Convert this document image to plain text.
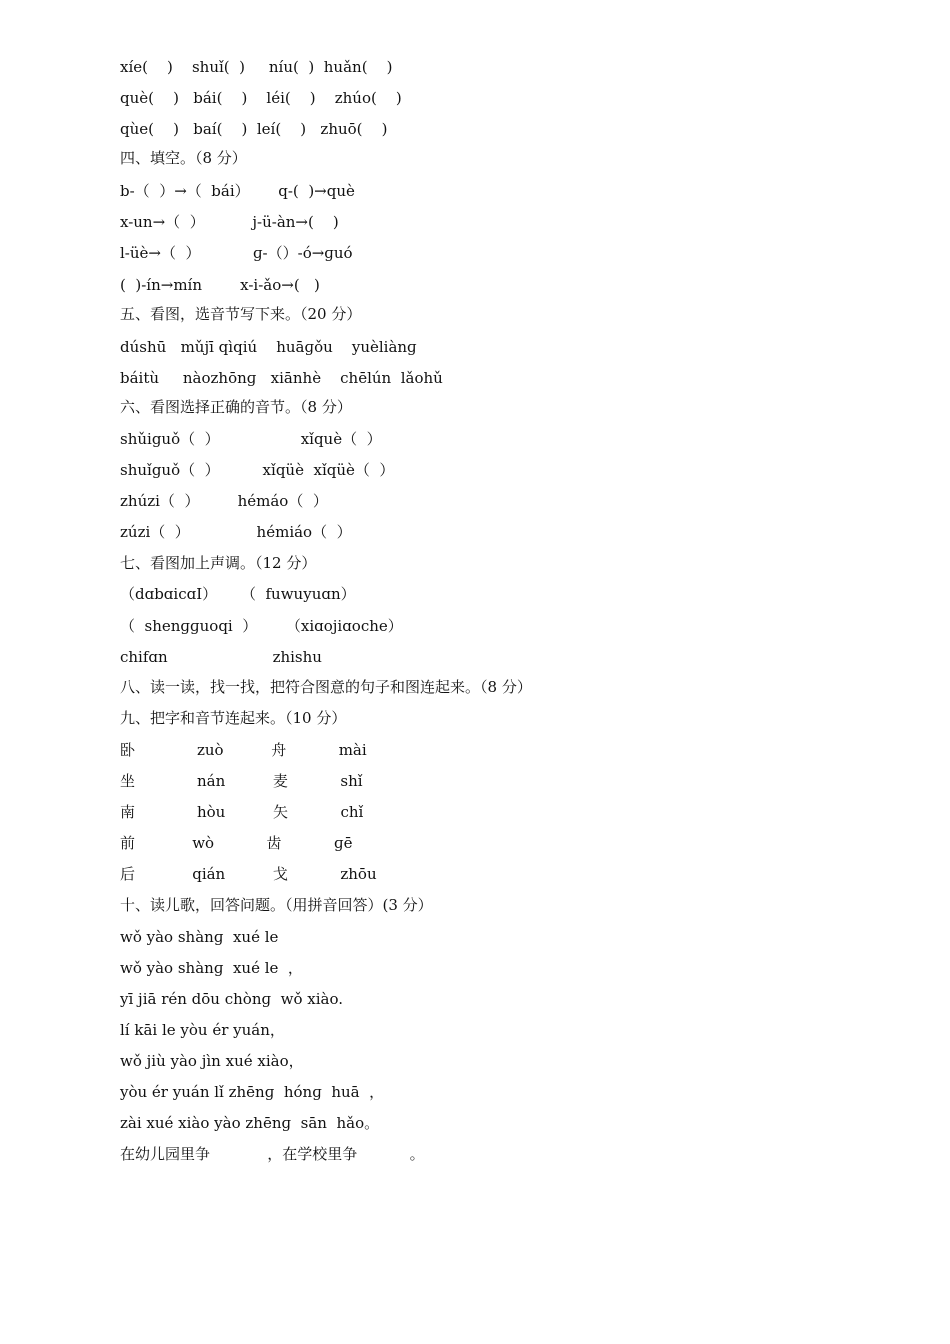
xíe(    )    shuǐ(  )     níu(  )  huǎn(    )
què(    )   bái(    )    léi(    )    zhúo(    )
qùe(    )   baí(    )  leí(    )   zhuō(    )
四、填空。（8 分）
b-（  ）→（  bái）      q-(  )→què
x-un→（  ）          j-ü-àn→(    )
l-üè→（  ）           ɡ-（）-ó→ɡuó
(  )-ín→mín        x-i-ǎo→(   )
五、看图，选音节写下来。（20 分）
dúshū   mǔjī qìqiú    huāɡǒu    yuèliànɡ
báitù     nàozhōnɡ   xiānhè    chēlún  lǎohǔ
六、看图选择正确的音节。（8 分）
shǔiguǒ（  ）                 xǐquè（  ）
shuǐguǒ（  ）         xǐqüè  xǐqüè（  ）
zhúzi（  ）        hémáo（  ）
zúzi（  ）              hémiáo（  ）
七、看图加上声调。（12 分）
（dɑbɑicɑI）     （  fuwuyuɑn）
（  shenɡɡuoqi  ）      （xiɑojiɑoche）
chifɑn                      zhishu
八、读一读，找一找，把符合图意的句子和图连起来。（8 分）
九、把字和音节连起来。（10 分）
卧             zuò          舟           mài
坐             nán          麦           shǐ
南             hòu          矢           chǐ
前            wò           齿           ɡē
后            qián          戈           zhōu
十、读儿歌，回答问题。（用拼音回答）(3 分）
wǒ yào shànɡ  xué le
wǒ yào shànɡ  xué le  ，
yī jiā rén dōu chònɡ  wǒ xiào.
lí kāi le yòu ér yuán，
wǒ jiù yào jìn xué xiào，
yòu ér yuán lǐ zhēnɡ  hónɡ  huā  ，
zài xué xiào yào zhēnɡ  sān  hǎo。
在幼儿园里争            ，在学校里争           。
